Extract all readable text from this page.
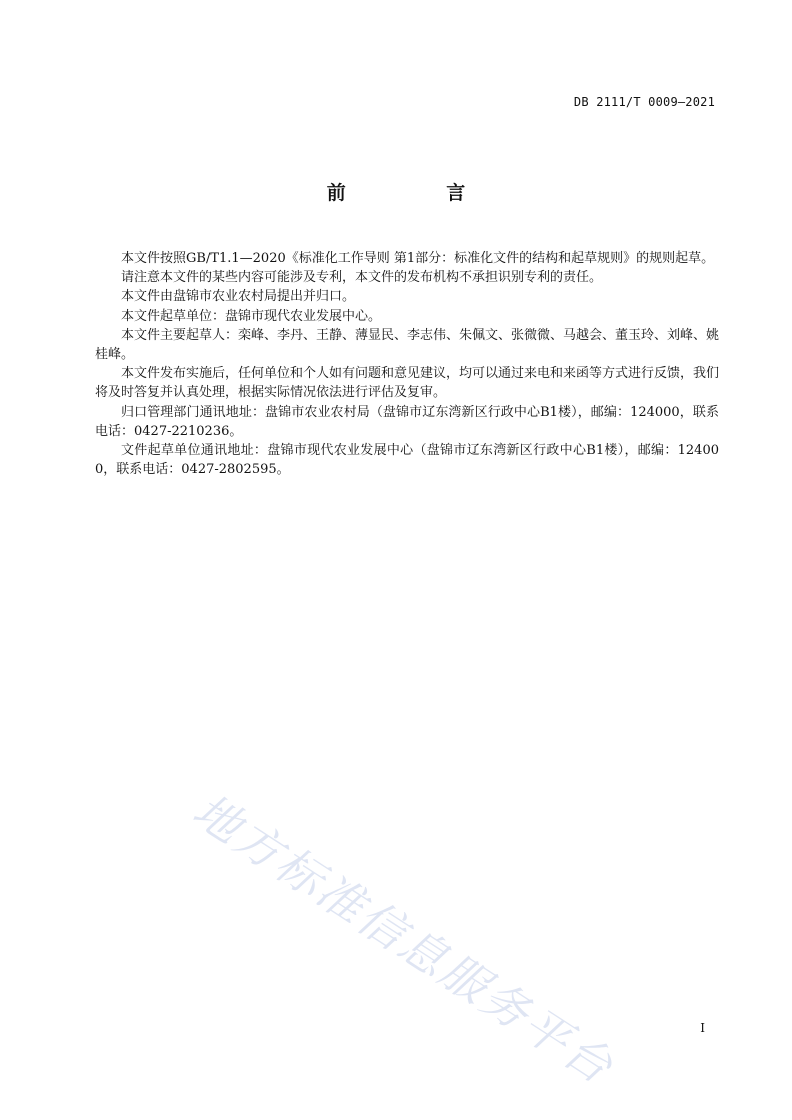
DB 2111/T 0009—2021
前 言

本文件按照GB/T1.1—2020《标准化工作导则 第1部分：标准化文件的结构和起草规则》的规则起草。

请注意本文件的某些内容可能涉及专利，本文件的发布机构不承担识别专利的责任。

本文件由盘锦市农业农村局提出并归口。

本文件起草单位：盘锦市现代农业发展中心。

本文件主要起草人：栾峰、李丹、王静、薄显民、李志伟、朱佩文、张微微、马越会、董玉玲、刘峰、姚桂峰。

本文件发布实施后，任何单位和个人如有问题和意见建议，均可以通过来电和来函等方式进行反馈，我们将及时答复并认真处理，根据实际情况依法进行评估及复审。

归口管理部门通讯地址：盘锦市农业农村局（盘锦市辽东湾新区行政中心B1楼），邮编：124000，联系电话：0427-2210236。

文件起草单位通讯地址：盘锦市现代农业发展中心（盘锦市辽东湾新区行政中心B1楼），邮编：124000，联系电话：0427-2802595。

地方标准信息服务平台	I
